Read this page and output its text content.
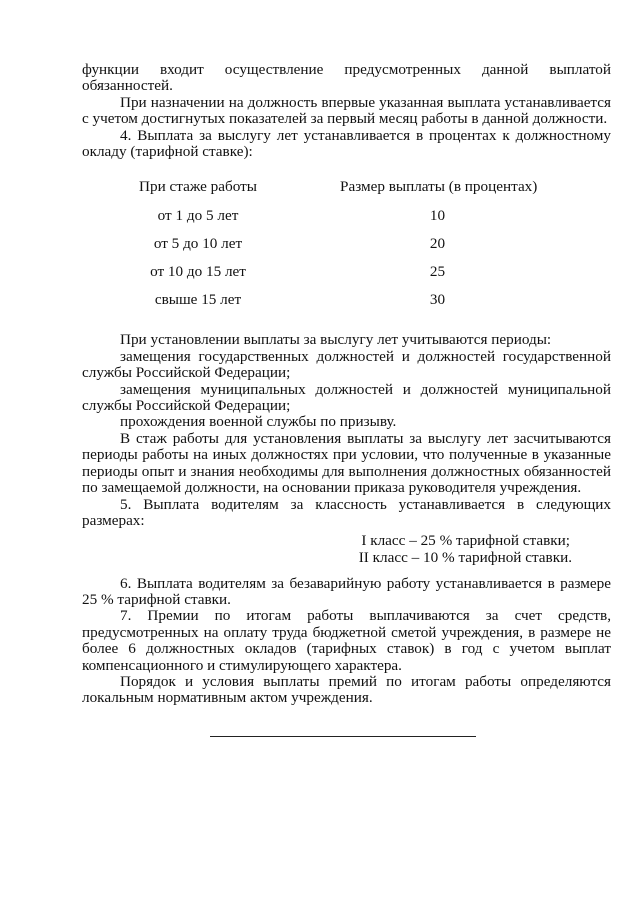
функции входит осуществление предусмотренных данной выплатой обязанностей.

При назначении на должность впервые указанная выплата устанавливается с учетом достигнутых показателей за первый месяц работы в данной должности.

4. Выплата за выслугу лет устанавливается в процентах к должностному окладу (тарифной ставке):

При стаже работы	Размер выплаты (в процентах)
от 1 до 5 лет	10
от 5 до 10 лет	20
от 10 до 15 лет	25
свыше 15 лет	30

При установлении выплаты за выслугу лет учитываются периоды:

замещения государственных должностей и должностей государственной службы Российской Федерации;

замещения муниципальных должностей и должностей муниципальной службы Российской Федерации;

прохождения военной службы по призыву.

В стаж работы для установления выплаты за выслугу лет засчитываются периоды работы на иных должностях при условии, что полученные в указанные периоды опыт и знания необходимы для выполнения должностных обязанностей по замещаемой должности, на основании приказа руководителя учреждения.

5. Выплата водителям за классность устанавливается в следующих размерах:

I класс – 25 % тарифной ставки;

II класс – 10 % тарифной ставки.

6. Выплата водителям за безаварийную работу устанавливается в размере 25 % тарифной ставки.

7. Премии по итогам работы выплачиваются за счет средств, предусмотренных на оплату труда бюджетной сметой учреждения, в размере не более 6 должностных окладов (тарифных ставок) в год с учетом выплат компенсационного и стимулирующего характера.

Порядок и условия выплаты премий по итогам работы определяются локальным нормативным актом учреждения.
